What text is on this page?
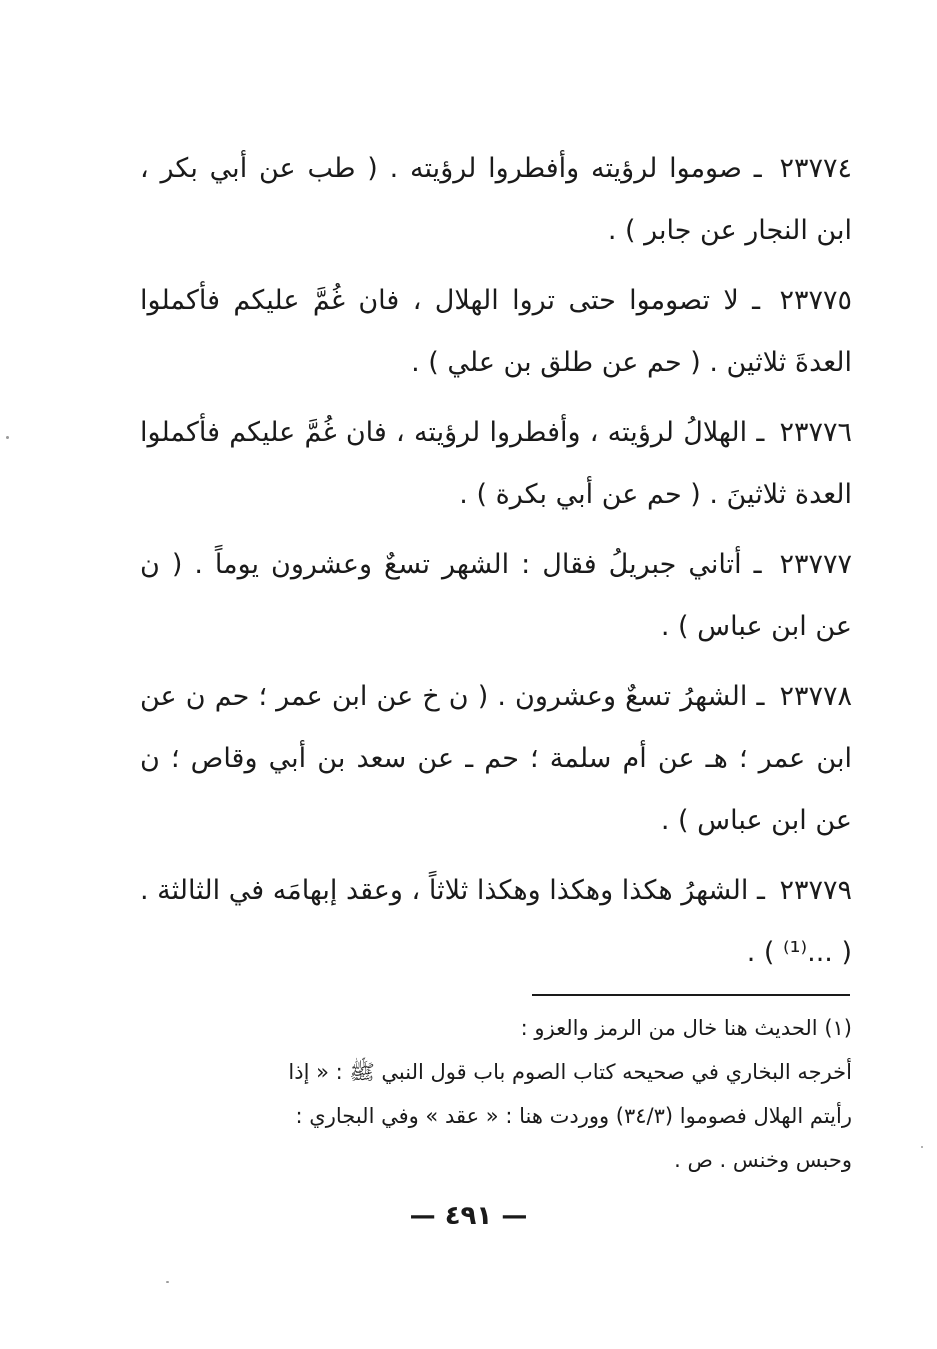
٢٣٧٧٤ ـ صوموا لرؤيته وأفطروا لرؤيته . ( طب عن أبي بكر ، ابن النجار عن جابر ) .

٢٣٧٧٥ ـ لا تصوموا حتى تروا الهلال ، فان غُمَّ عليكم فأكملوا العدةَ ثلاثين . ( حم عن طلق بن علي ) .

٢٣٧٧٦ ـ الهلالُ لرؤيته ، وأفطروا لرؤيته ، فان غُمَّ عليكم فأكملوا العدة ثلاثينَ . ( حم عن أبي بكرة ) .

٢٣٧٧٧ ـ أتاني جبريلُ فقال : الشهر تسعٌ وعشرون يوماً . ( ن عن ابن عباس ) .

٢٣٧٧٨ ـ الشهرُ تسعٌ وعشرون . ( ن خ عن ابن عمر ؛ حم ن عن ابن عمر ؛ هـ عن أم سلمة ؛ حم ـ عن سعد بن أبي وقاص ؛ ن عن ابن عباس ) .

٢٣٧٧٩ ـ الشهرُ هكذا وهكذا وهكذا ثلاثاً ، وعقد إبهامَه في الثالثة . ( ...⁽¹⁾ ) .

(١) الحديث هنا خال من الرمز والعزو :
أخرجه البخاري في صحيحه كتاب الصوم باب قول النبي ﷺ : « إذا
رأيتم الهلال فصوموا (٣٤/٣) ووردت هنا : « عقد » وفي البجاري :
وحبس وخنس . ص .
— ٤٩١ —
